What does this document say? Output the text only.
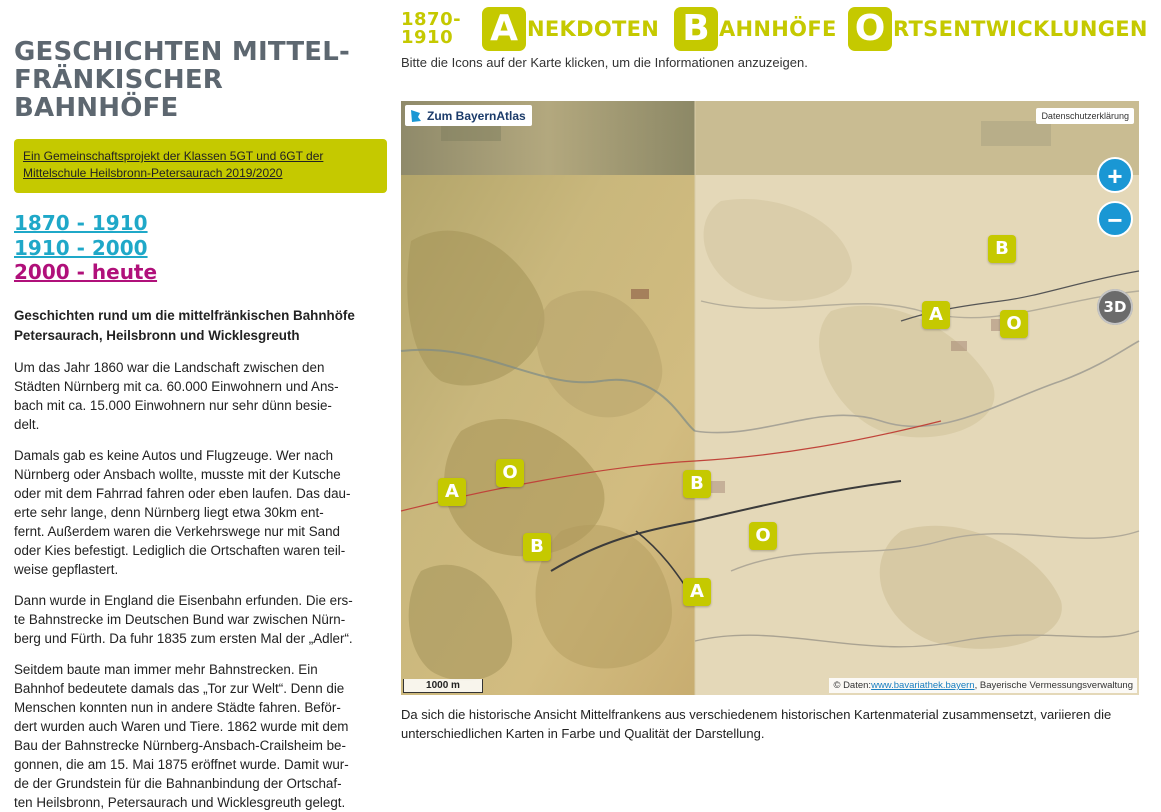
GESCHICHTEN MITTEL-
FRÄNKISCHER BAHNHÖFE
Ein Gemeinschaftsprojekt der Klassen 5GT und 6GT der Mittelschule Heilsbronn-Petersaurach 2019/2020
1870 - 1910
1910 - 2000
2000 - heute

Geschichten rund um die mittelfränkischen Bahnhöfe Petersaurach, Heilsbronn und Wicklesgreuth

Um das Jahr 1860 war die Landschaft zwischen den
Städten Nürnberg mit ca. 60.000 Einwohnern und Ans-
bach mit ca. 15.000 Einwohnern nur sehr dünn besie-
delt.

Damals gab es keine Autos und Flugzeuge. Wer nach
Nürnberg oder Ansbach wollte, musste mit der Kutsche
oder mit dem Fahrrad fahren oder eben laufen. Das dau-
erte sehr lange, denn Nürnberg liegt etwa 30km ent-
fernt. Außerdem waren die Verkehrswege nur mit Sand
oder Kies befestigt. Lediglich die Ortschaften waren teil-
weise gepflastert.

Dann wurde in England die Eisenbahn erfunden. Die ers-
te Bahnstrecke im Deutschen Bund war zwischen Nürn-
berg und Fürth. Da fuhr 1835 zum ersten Mal der „Adler“.

Seitdem baute man immer mehr Bahnstrecken. Ein
Bahnhof bedeutete damals das „Tor zur Welt“. Denn die
Menschen konnten nun in andere Städte fahren. Beför-
dert wurden auch Waren und Tiere. 1862 wurde mit dem
Bau der Bahnstrecke Nürnberg-Ansbach-Crailsheim be-
gonnen, die am 15. Mai 1875 eröffnet wurde. Damit wur-
de der Grundstein für die Bahnanbindung der Ortschaf-
ten Heilsbronn, Petersaurach und Wicklesgreuth gelegt.

1870-
1910 A NEKDOTEN B AHNHÖFE O RTSENTWICKLUNGEN
Bitte die Icons auf der Karte klicken, um die Informationen anzuzeigen.
Zum BayernAtlas	Datenschutzerklärung
+
−
3D
B
A	O
O
A	B
B
O
A
1000 m	© Daten:www.bavariathek.bayern, Bayerische Vermessungsverwaltung

Da sich die historische Ansicht Mittelfrankens aus verschiedenem historischen Kartenmaterial zusammensetzt, variieren die unterschiedlichen Karten in Farbe und Qualität der Darstellung.
